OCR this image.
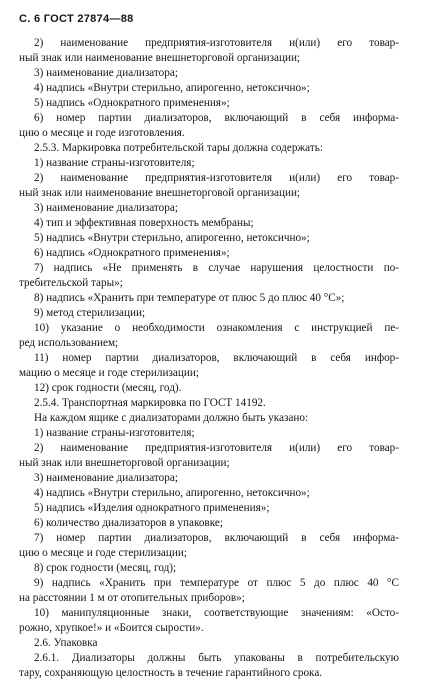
С. 6 ГОСТ 27874—88
2) наименование предприятия-изготовителя и(или) его товар-
ный знак или наименование внешнеторговой организации;
3) наименование диализатора;
4) надпись «Внутри стерильно, апирогенно, нетоксично»;
5) надпись «Однократного применения»;
6) номер партии диализаторов, включающий в себя информа-
цию о месяце и годе изготовления.
2.5.3. Маркировка потребительской тары должна содержать:
1) название страны-изготовителя;
2) наименование предприятия-изготовителя и(или) его товар-
ный знак или наименование внешнеторговой организации;
3) наименование диализатора;
4) тип и эффективная поверхность мембраны;
5) надпись «Внутри стерильно, апирогенно, нетоксично»;
6) надпись «Однократного применения»;
7) надпись «Не применять в случае нарушения целостности по-
требительской тары»;
8) надпись «Хранить при температуре от плюс 5 до плюс 40 °С»;
9) метод стерилизации;
10) указание о необходимости ознакомления с инструкцией пе-
ред использованием;
11) номер партии диализаторов, включающий в себя инфор-
мацию о месяце и годе стерилизации;
12) срок годности (месяц, год).
2.5.4. Транспортная маркировка по ГОСТ 14192.
На каждом ящике с диализаторами должно быть указано:
1) название страны-изготовителя;
2) наименование предприятия-изготовителя и(или) его товар-
ный знак или внешнеторговой организации;
3) наименование диализатора;
4) надпись «Внутри стерильно, апирогенно, нетоксично»;
5) надпись «Изделия однократного применения»;
6) количество диализаторов в упаковке;
7) номер партии диализаторов, включающий в себя информа-
цию о месяце и годе стерилизации;
8) срок годности (месяц, год);
9) надпись «Хранить при температуре от плюс 5 до плюс 40 °С
на расстоянии 1 м от отопительных приборов»;
10) манипуляционные знаки, соответствующие значениям: «Осто-
рожно, хрупкое!» и «Боится сырости».
2.6. Упаковка
2.6.1. Диализаторы должны быть упакованы в потребительскую
тару, сохраняющую целостность в течение гарантийного срока.
